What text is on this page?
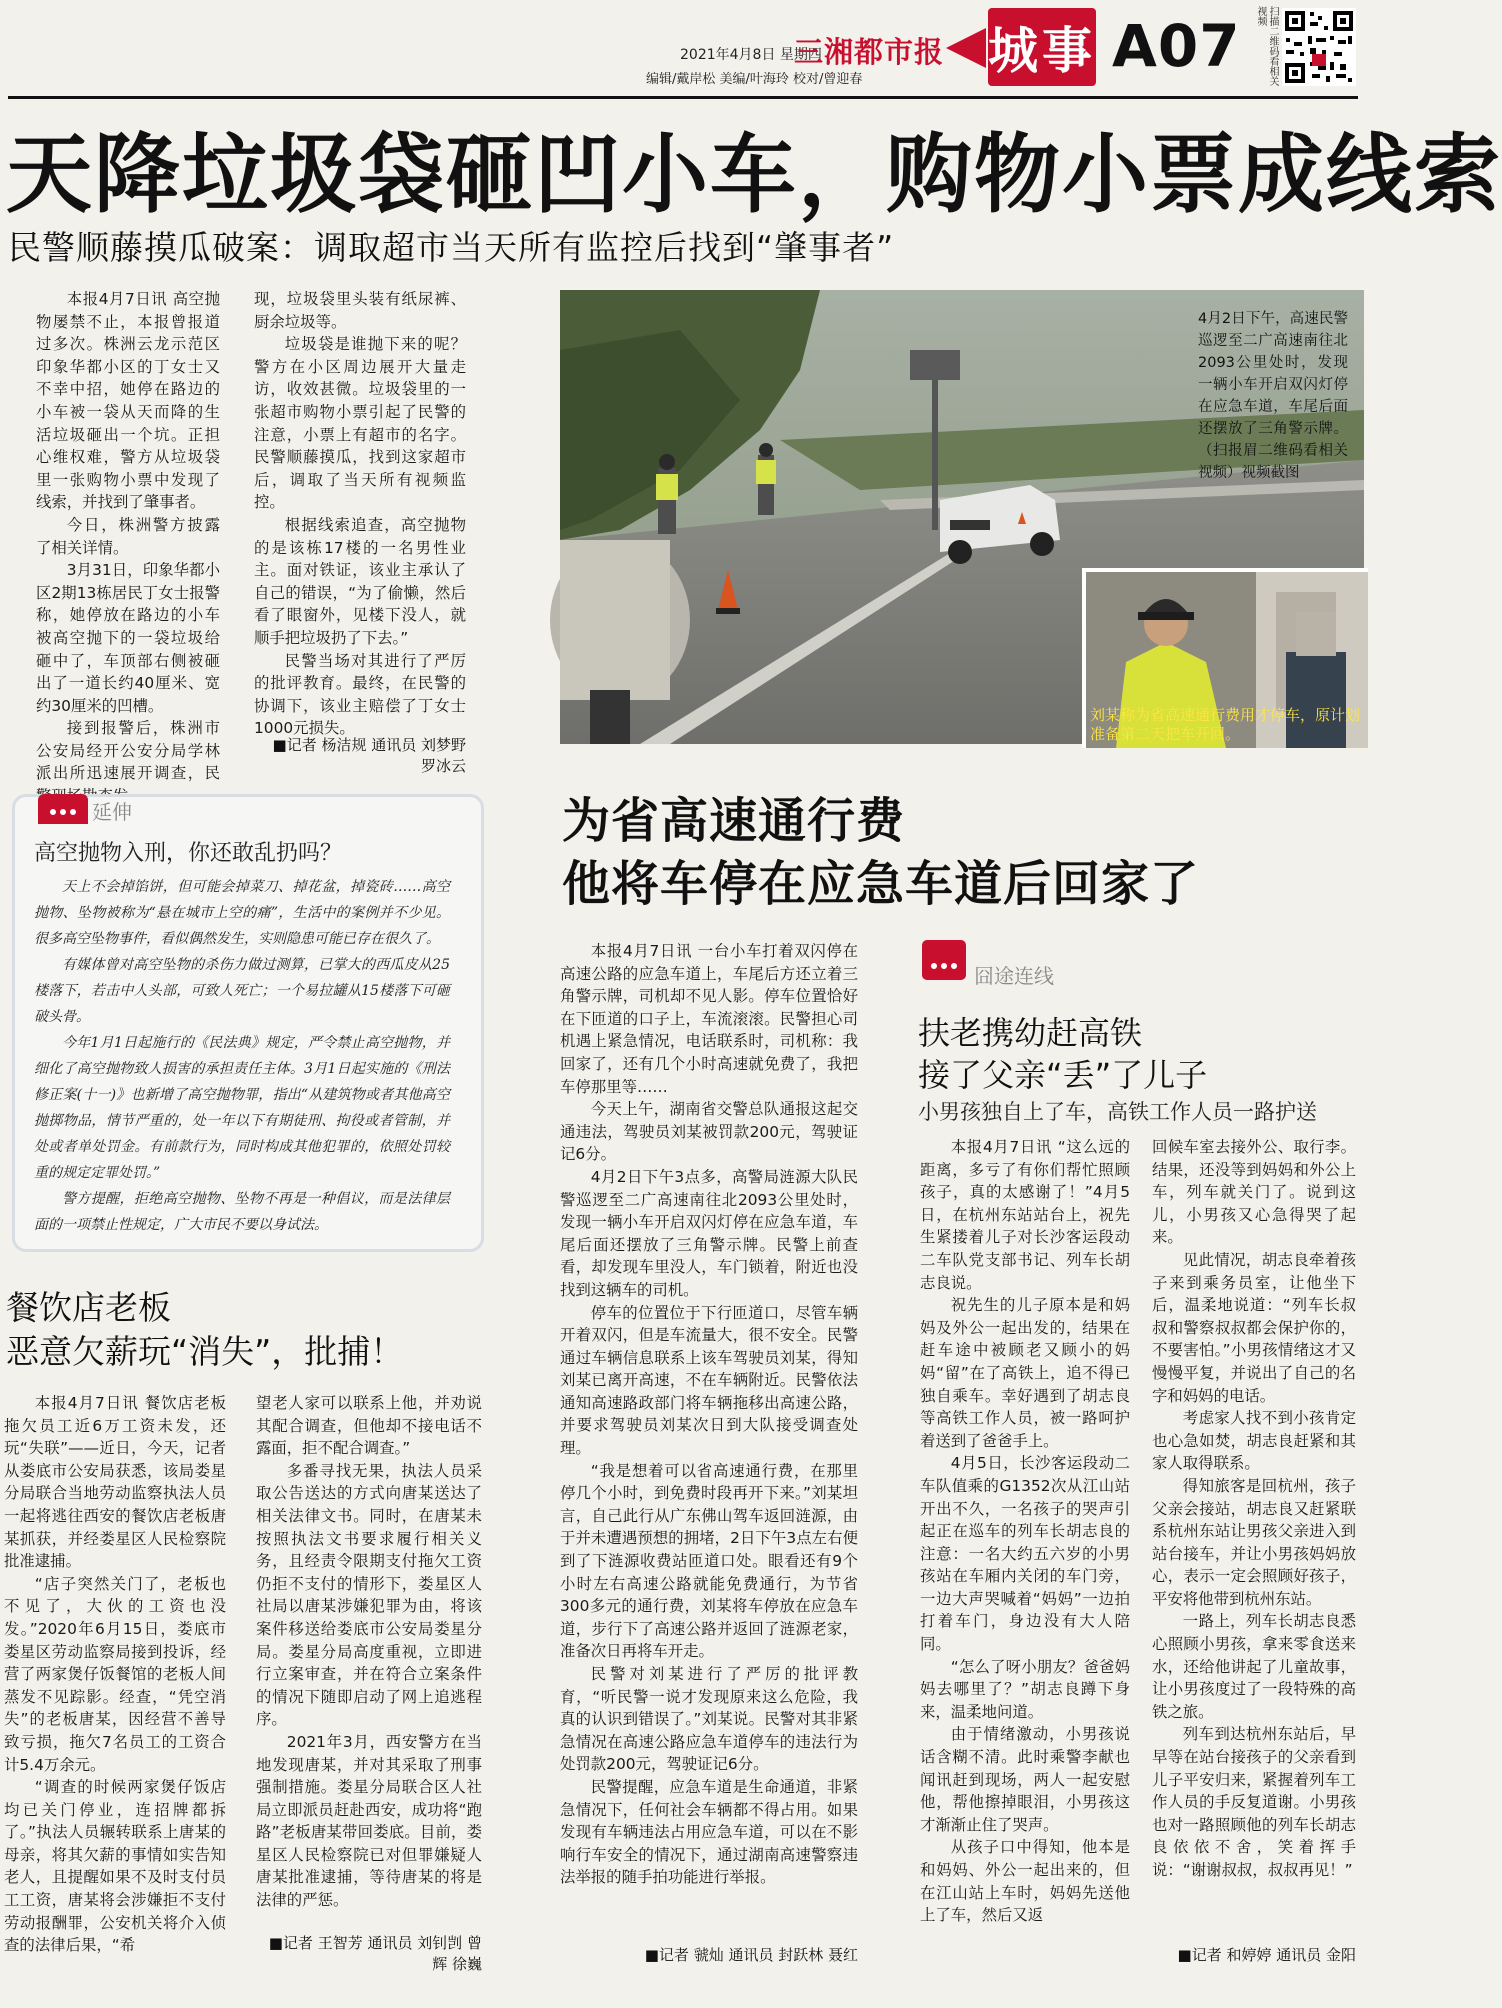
2021年4月8日 星期四
编辑/戴岸松 美编/叶海玲 校对/曾迎春
三湘都市报 城事 A07	扫描二维码看相关视频
天降垃圾袋砸凹小车，购物小票成线索
民警顺藤摸瓜破案：调取超市当天所有监控后找到“肇事者”

本报4月7日讯 高空抛物屡禁不止，本报曾报道过多次。株洲云龙示范区印象华都小区的丁女士又不幸中招，她停在路边的小车被一袋从天而降的生活垃圾砸出一个坑。正担心维权难，警方从垃圾袋里一张购物小票中发现了线索，并找到了肇事者。

今日，株洲警方披露了相关详情。

3月31日，印象华都小区2期13栋居民丁女士报警称，她停放在路边的小车被高空抛下的一袋垃圾给砸中了，车顶部右侧被砸出了一道长约40厘米、宽约30厘米的凹槽。

接到报警后，株洲市公安局经开公安分局学林派出所迅速展开调查，民

现，垃圾袋里头装有纸尿裤、厨余垃圾等。

垃圾袋是谁抛下来的呢？警方在小区周边展开大量走访，收效甚微。垃圾袋里的一张超市购物小票引起了民警的注意，小票上有超市的名字。民警顺藤摸瓜，找到这家超市后，调取了当天所有视频监控。

根据线索追查，高空抛物的是该栋17楼的一名男性业主。面对铁证，该业主承认了自己的错误，“为了偷懒，然后看了眼窗外，见楼下没人，就顺手把垃圾扔了下去。”

民警当场对其进行了严厉的批评教育。最终，在民警的协调下，该业主赔偿了丁女士1000元损失。

■记者 杨洁规 通讯员 刘梦野 罗冰云
4月2日下午，高速民警巡逻至二广高速南往北2093公里处时，发现一辆小车开启双闪灯停在应急车道，车尾后面还摆放了三角警示牌。（扫报眉二维码看相关视频）视频截图
刘某称为省高速通行费用才停车，原计划准备第二天把车开回。
延伸
高空抛物入刑，你还敢乱扔吗？

天上不会掉馅饼，但可能会掉菜刀、掉花盆，掉瓷砖……高空抛物、坠物被称为“悬在城市上空的痛”，生活中的案例并不少见。很多高空坠物事件，看似偶然发生，实则隐患可能已存在很久了。

有媒体曾对高空坠物的杀伤力做过测算，已掌大的西瓜皮从25楼落下，若击中人头部，可致人死亡；一个易拉罐从15楼落下可砸破头骨。

今年1月1日起施行的《民法典》规定，严令禁止高空抛物，并细化了高空抛物致人损害的承担责任主体。3月1日起实施的《刑法修正案(十一)》也新增了高空抛物罪，指出“从建筑物或者其他高空抛掷物品，情节严重的，处一年以下有期徒刑、拘役或者管制，并处或者单处罚金。有前款行为，同时构成其他犯罪的，依照处罚较重的规定定罪处罚。”

警方提醒，拒绝高空抛物、坠物不再是一种倡议，而是法律层面的一项禁止性规定，广大市民不要以身试法。

餐饮店老板
恶意欠薪玩“消失”，批捕！

本报4月7日讯 餐饮店老板拖欠员工近6万工资未发，还玩“失联”——近日，今天，记者从娄底市公安局获悉，该局娄星分局联合当地劳动监察执法人员一起将逃往西安的餐饮店老板唐某抓获，并经娄星区人民检察院批准逮捕。

“店子突然关门了，老板也不见了，大伙的工资也没发。”2020年6月15日，娄底市娄星区劳动监察局接到投诉，经营了两家煲仔饭餐馆的老板人间蒸发不见踪影。经查，“凭空消失”的老板唐某，因经营不善导致亏损，拖欠7名员工的工资合计5.4万余元。

“调查的时候两家煲仔饭店均已关门停业，连招牌都拆了。”执法人员辗转联系上唐某的母亲，将其欠薪的事情如实告知老人，且提醒如果不及时支付员工工资，唐某将会涉嫌拒不支付劳动报酬罪，公安机关将介入侦查的法律后果，“希

望老人家可以联系上他，并劝说其配合调查，但他却不接电话不露面，拒不配合调查。”

多番寻找无果，执法人员采取公告送达的方式向唐某送达了相关法律文书。同时，在唐某未按照执法文书要求履行相关义务，且经责令限期支付拖欠工资仍拒不支付的情形下，娄星区人社局以唐某涉嫌犯罪为由，将该案件移送给娄底市公安局娄星分局。娄星分局高度重视，立即进行立案审查，并在符合立案条件的情况下随即启动了网上追逃程序。

2021年3月，西安警方在当地发现唐某，并对其采取了刑事强制措施。娄星分局联合区人社局立即派员赶赴西安，成功将“跑路”老板唐某带回娄底。目前，娄星区人民检察院已对但罪嫌疑人唐某批准逮捕，等待唐某的将是法律的严惩。

■记者 王智芳 通讯员 刘钊剀 曾辉 徐巍
为省高速通行费
他将车停在应急车道后回家了

本报4月7日讯 一台小车打着双闪停在高速公路的应急车道上，车尾后方还立着三角警示牌，司机却不见人影。停车位置恰好在下匝道的口子上，车流滚滚。民警担心司机遇上紧急情况，电话联系时，司机称：我回家了，还有几个小时高速就免费了，我把车停那里等……

今天上午，湖南省交警总队通报这起交通违法，驾驶员刘某被罚款200元，驾驶证记6分。

4月2日下午3点多，高警局涟源大队民警巡逻至二广高速南往北2093公里处时，发现一辆小车开启双闪灯停在应急车道，车尾后面还摆放了三角警示牌。民警上前查看，却发现车里没人，车门锁着，附近也没找到这辆车的司机。

停车的位置位于下行匝道口，尽管车辆开着双闪，但是车流量大，很不安全。民警通过车辆信息联系上该车驾驶员刘某，得知刘某已离开高速，不在车辆附近。民警依法通知高速路政部门将车辆拖移出高速公路，并要求驾驶员刘某次日到大队接受调查处理。

“我是想着可以省高速通行费，在那里停几个小时，到免费时段再开下来。”刘某坦言，自己此行从广东佛山驾车返回涟源，由于并未遭遇预想的拥堵，2日下午3点左右便到了下涟源收费站匝道口处。眼看还有9个小时左右高速公路就能免费通行，为节省300多元的通行费，刘某将车停放在应急车道，步行下了高速公路并返回了涟源老家，准备次日再将车开走。

民警对刘某进行了严厉的批评教育，“听民警一说才发现原来这么危险，我真的认识到错误了。”刘某说。民警对其非紧急情况在高速公路应急车道停车的违法行为处罚款200元，驾驶证记6分。

民警提醒，应急车道是生命通道，非紧急情况下，任何社会车辆都不得占用。如果发现有车辆违法占用应急车道，可以在不影响行车安全的情况下，通过湖南高速警察违法举报的随手拍功能进行举报。

■记者 虢灿 通讯员 封跃林 聂红
囧途连线
扶老携幼赶高铁
接了父亲“丢”了儿子
小男孩独自上了车，高铁工作人员一路护送

本报4月7日讯 “这么远的距离，多亏了有你们帮忙照顾孩子，真的太感谢了！”4月5日，在杭州东站站台上，祝先生紧搂着儿子对长沙客运段动二车队党支部书记、列车长胡志良说。

祝先生的儿子原本是和妈妈及外公一起出发的，结果在赶车途中被顾老又顾小的妈妈“留”在了高铁上，追不得已独自乘车。幸好遇到了胡志良等高铁工作人员，被一路呵护着送到了爸爸手上。

4月5日，长沙客运段动二车队值乘的G1352次从江山站开出不久，一名孩子的哭声引起正在巡车的列车长胡志良的注意：一名大约五六岁的小男孩站在车厢内关闭的车门旁，一边大声哭喊着“妈妈”一边拍打着车门，身边没有大人陪同。

“怎么了呀小朋友？爸爸妈妈去哪里了？”胡志良蹲下身来，温柔地问道。

由于情绪激动，小男孩说话含糊不清。此时乘警李献也闻讯赶到现场，两人一起安慰他，帮他擦掉眼泪，小男孩这才渐渐止住了哭声。

从孩子口中得知，他本是和妈妈、外公一起出来的，但在江山站上车时，妈妈先送他上了车，然后又返

回候车室去接外公、取行李。结果，还没等到妈妈和外公上车，列车就关门了。说到这儿，小男孩又心急得哭了起来。

见此情况，胡志良牵着孩子来到乘务员室，让他坐下后，温柔地说道：“列车长叔叔和警察叔叔都会保护你的，不要害怕。”小男孩情绪这才又慢慢平复，并说出了自己的名字和妈妈的电话。

考虑家人找不到小孩肯定也心急如焚，胡志良赶紧和其家人取得联系。

得知旅客是回杭州，孩子父亲会接站，胡志良又赶紧联系杭州东站让男孩父亲进入到站台接车，并让小男孩妈妈放心，表示一定会照顾好孩子，平安将他带到杭州东站。

一路上，列车长胡志良悉心照顾小男孩，拿来零食送来水，还给他讲起了儿童故事，让小男孩度过了一段特殊的高铁之旅。

列车到达杭州东站后，早早等在站台接孩子的父亲看到儿子平安归来，紧握着列车工作人员的手反复道谢。小男孩也对一路照顾他的列车长胡志良依依不舍，笑着挥手说：“谢谢叔叔，叔叔再见！”

■记者 和婷婷 通讯员 金阳
